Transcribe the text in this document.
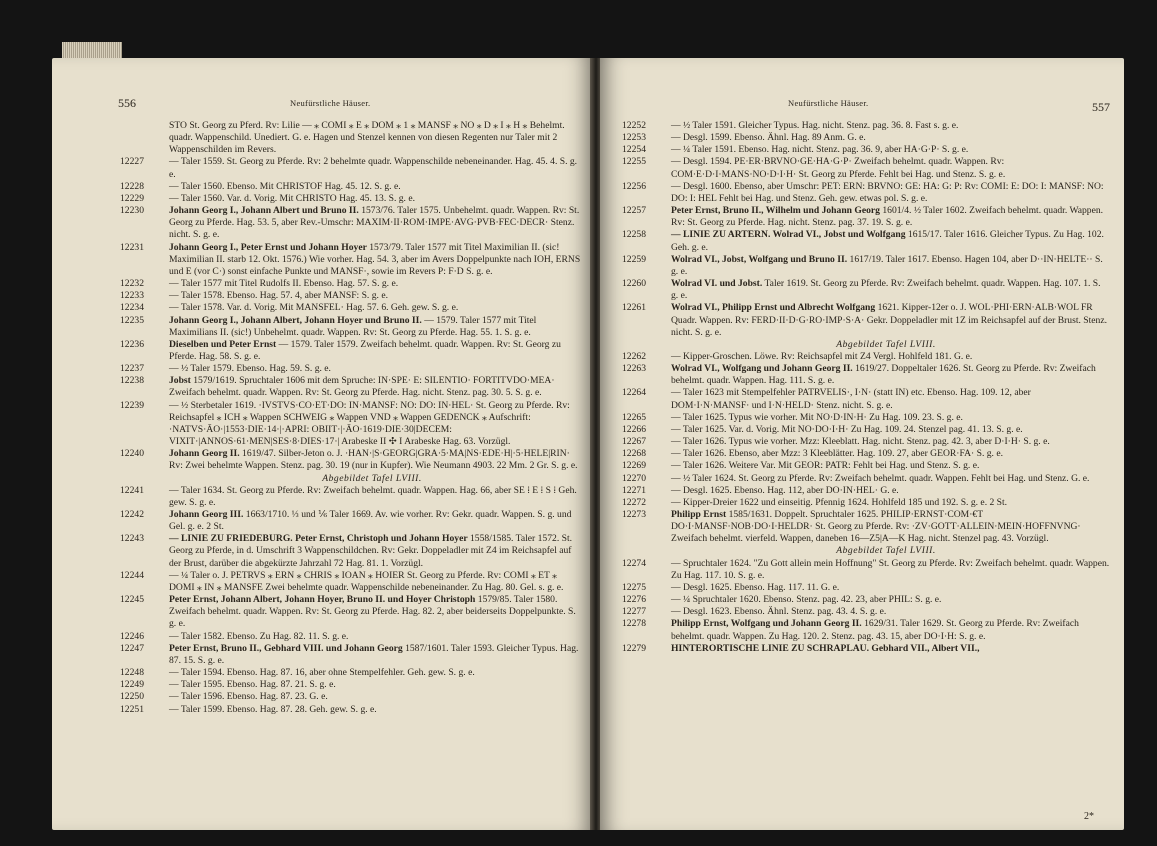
556	Neufürstliche Häuser.
STO St. Georg zu Pferd. Rv: Lilie — ⁎ COMI ⁎ E ⁎ DOM ⁎ 1 ⁎ MANSF ⁎ NO ⁎ D ⁎ I ⁎ H ⁎ Behelmt. quadr. Wappenschild. Unediert. G. e. Hagen und Stenzel kennen von diesen Regenten nur Taler mit 2 Wappenschilden im Revers.
12227	— Taler 1559. St. Georg zu Pferde. Rv: 2 behelmte quadr. Wappenschilde nebeneinander. Hag. 45. 4. S. g. e.
12228	— Taler 1560. Ebenso. Mit CHRISTOF Hag. 45. 12. S. g. e.
12229	— Taler 1560. Var. d. Vorig. Mit CHRISTO Hag. 45. 13. S. g. e.
12230	Johann Georg I., Johann Albert und Bruno II. 1573/76. Taler 1575. Unbehelmt. quadr. Wappen. Rv: St. Georg zu Pferde. Hag. 53. 5, aber Rev.-Umschr: MAXIM·II·ROM·IMPE·AVG·PVB·FEC·DECR· Stenz. nicht. S. g. e.
12231	Johann Georg I., Peter Ernst und Johann Hoyer 1573/79. Taler 1577 mit Titel Maximilian II. (sic! Maximilian II. starb 12. Okt. 1576.) Wie vorher. Hag. 54. 3, aber im Avers Doppelpunkte nach IOH, ERNS und E (vor C·) sonst einfache Punkte und MANSF·, sowie im Revers P: F·D S. g. e.
12232	— Taler 1577 mit Titel Rudolfs II. Ebenso. Hag. 57. S. g. e.
12233	— Taler 1578. Ebenso. Hag. 57. 4, aber MANSF: S. g. e.
12234	— Taler 1578. Var. d. Vorig. Mit MANSFEL· Hag. 57. 6. Geh. gew. S. g. e.
12235	Johann Georg I., Johann Albert, Johann Hoyer und Bruno II. — 1579. Taler 1577 mit Titel Maximilians II. (sic!) Unbehelmt. quadr. Wappen. Rv: St. Georg zu Pferde. Hag. 55. 1. S. g. e.
12236	Dieselben und Peter Ernst — 1579. Taler 1579. Zweifach behelmt. quadr. Wappen. Rv: St. Georg zu Pferde. Hag. 58. S. g. e.
12237	— ½ Taler 1579. Ebenso. Hag. 59. S. g. e.
12238	Jobst 1579/1619. Spruchtaler 1606 mit dem Spruche: IN·SPE· E: SILENTIO· FORTITVDO·MEA· Zweifach behelmt. quadr. Wappen. Rv: St. Georg zu Pferde. Hag. nicht. Stenz. pag. 30. 5. S. g. e.
12239	— ½ Sterbetaler 1619. ·IVSTVS·CO·ET·DO: IN·MANSF: NO: DO: IN·HEL· St. Georg zu Pferde. Rv: Reichsapfel ⁎ ICH ⁎ Wappen SCHWEIG ⁎ Wappen VND ⁎ Wappen GEDENCK ⁎ Aufschrift: ·NATVS·ĀO·|1553·DIE·14·|·APRI: OBIIT·|·ĀO·1619·DIE·30|DECEM: VIXIT·|ANNOS·61·MEN|SES·8·DIES·17·| Arabeske II ✣ I Arabeske Hag. 63. Vorzügl.
12240	Johann Georg II. 1619/47. Silber-Jeton o. J. ·HAN·|S·GEORG|GRA·5·MA|NS·EDE·H|·5·HELE|RIN· Rv: Zwei behelmte Wappen. Stenz. pag. 30. 19 (nur in Kupfer). Wie Neumann 4903. 22 Mm. 2 Gr. S. g. e.
Abgebildet Tafel LVIII.
12241	— Taler 1634. St. Georg zu Pferde. Rv: Zweifach behelmt. quadr. Wappen. Hag. 66, aber SE ⁞ E ⁞ S ⁞ Geh. gew. S. g. e.
12242	Johann Georg III. 1663/1710. ⅓ und ⅙ Taler 1669. Av. wie vorher. Rv: Gekr. quadr. Wappen. S. g. und Gel. g. e. 2 St.
12243	— LINIE ZU FRIEDEBURG. Peter Ernst, Christoph und Johann Hoyer 1558/1585. Taler 1572. St. Georg zu Pferde, in d. Umschrift 3 Wappenschildchen. Rv: Gekr. Doppeladler mit Z4 im Reichsapfel auf der Brust, darüber die abgekürzte Jahrzahl 72 Hag. 81. 1. Vorzügl.
12244	— ¼ Taler o. J. PETRVS ⁎ ERN ⁎ CHRIS ⁎ IOAN ⁎ HOIER St. Georg zu Pferde. Rv: COMI ⁎ ET ⁎ DOMI ⁎ IN ⁎ MANSFE Zwei behelmte quadr. Wappenschilde nebeneinander. Zu Hag. 80. Gel. s. g. e.
12245	Peter Ernst, Johann Albert, Johann Hoyer, Bruno II. und Hoyer Christoph 1579/85. Taler 1580. Zweifach behelmt. quadr. Wappen. Rv: St. Georg zu Pferde. Hag. 82. 2, aber beiderseits Doppelpunkte. S. g. e.
12246	— Taler 1582. Ebenso. Zu Hag. 82. 11. S. g. e.
12247	Peter Ernst, Bruno II., Gebhard VIII. und Johann Georg 1587/1601. Taler 1593. Gleicher Typus. Hag. 87. 15. S. g. e.
12248	— Taler 1594. Ebenso. Hag. 87. 16, aber ohne Stempelfehler. Geh. gew. S. g. e.
12249	— Taler 1595. Ebenso. Hag. 87. 21. S. g. e.
12250	— Taler 1596. Ebenso. Hag. 87. 23. G. e.
12251	— Taler 1599. Ebenso. Hag. 87. 28. Geh. gew. S. g. e.
Neufürstliche Häuser.	557
12252	— ½ Taler 1591. Gleicher Typus. Hag. nicht. Stenz. pag. 36. 8. Fast s. g. e.
12253	— Desgl. 1599. Ebenso. Ähnl. Hag. 89 Anm. G. e.
12254	— ¼ Taler 1591. Ebenso. Hag. nicht. Stenz. pag. 36. 9, aber HA·G·P· S. g. e.
12255	— Desgl. 1594. PE·ER·BRVNO·GE·HA·G·P· Zweifach behelmt. quadr. Wappen. Rv: COM·E·D·I·MANS·NO·D·I·H· St. Georg zu Pferde. Fehlt bei Hag. und Stenz. S. g. e.
12256	— Desgl. 1600. Ebenso, aber Umschr: PET: ERN: BRVNO: GE: HA: G: P: Rv: COMI: E: DO: I: MANSF: NO: DO: I: HEL Fehlt bei Hag. und Stenz. Geh. gew. etwas pol. S. g. e.
12257	Peter Ernst, Bruno II., Wilhelm und Johann Georg 1601/4. ½ Taler 1602. Zweifach behelmt. quadr. Wappen. Rv: St. Georg zu Pferde. Hag. nicht. Stenz. pag. 37. 19. S. g. e.
12258	— LINIE ZU ARTERN. Wolrad VI., Jobst und Wolfgang 1615/17. Taler 1616. Gleicher Typus. Zu Hag. 102. Geh. g. e.
12259	Wolrad VI., Jobst, Wolfgang und Bruno II. 1617/19. Taler 1617. Ebenso. Hagen 104, aber D··IN·HELTE·· S. g. e.
12260	Wolrad VI. und Jobst. Taler 1619. St. Georg zu Pferde. Rv: Zweifach behelmt. quadr. Wappen. Hag. 107. 1. S. g. e.
12261	Wolrad VI., Philipp Ernst und Albrecht Wolfgang 1621. Kipper-12er o. J. WOL·PHI·ERN·ALB·WOL FR Quadr. Wappen. Rv: FERD·II·D·G·RO·IMP·S·A· Gekr. Doppeladler mit 1Z im Reichsapfel auf der Brust. Stenz. nicht. S. g. e.
Abgebildet Tafel LVIII.
12262	— Kipper-Groschen. Löwe. Rv: Reichsapfel mit Z4 Vergl. Hohlfeld 181. G. e.
12263	Wolrad VI., Wolfgang und Johann Georg II. 1619/27. Doppeltaler 1626. St. Georg zu Pferde. Rv: Zweifach behelmt. quadr. Wappen. Hag. 111. S. g. e.
12264	— Taler 1623 mit Stempelfehler PATRVELIS·, I·N· (statt IN) etc. Ebenso. Hag. 109. 12, aber DOM·I·N·MANSF· und I·N·HELD· Stenz. nicht. S. g. e.
12265	— Taler 1625. Typus wie vorher. Mit NO·D·IN·H· Zu Hag. 109. 23. S. g. e.
12266	— Taler 1625. Var. d. Vorig. Mit NO·DO·I·H· Zu Hag. 109. 24. Stenzel pag. 41. 13. S. g. e.
12267	— Taler 1626. Typus wie vorher. Mzz: Kleeblatt. Hag. nicht. Stenz. pag. 42. 3, aber D·I·H· S. g. e.
12268	— Taler 1626. Ebenso, aber Mzz: 3 Kleeblätter. Hag. 109. 27, aber GEOR·FA· S. g. e.
12269	— Taler 1626. Weitere Var. Mit GEOR: PATR: Fehlt bei Hag. und Stenz. S. g. e.
12270	— ½ Taler 1624. St. Georg zu Pferde. Rv: Zweifach behelmt. quadr. Wappen. Fehlt bei Hag. und Stenz. G. e.
12271	— Desgl. 1625. Ebenso. Hag. 112, aber DO·IN·HEL· G. e.
12272	— Kipper-Dreier 1622 und einseitig. Pfennig 1624. Hohlfeld 185 und 192. S. g. e. 2 St.
12273	Philipp Ernst 1585/1631. Doppelt. Spruchtaler 1625. PHILIP·ERNST·COM·€T DO·I·MANSF·NOB·DO·I·HELDR· St. Georg zu Pferde. Rv: ·ZV·GOTT·ALLEIN·MEIN·HOFFNVNG· Zweifach behelmt. vierfeld. Wappen, daneben 16—Z5|A—K Hag. nicht. Stenzel pag. 43. Vorzügl.
Abgebildet Tafel LVIII.
12274	— Spruchtaler 1624. "Zu Gott allein mein Hoffnung" St. Georg zu Pferde. Rv: Zweifach behelmt. quadr. Wappen. Zu Hag. 117. 10. S. g. e.
12275	— Desgl. 1625. Ebenso. Hag. 117. 11. G. e.
12276	— ¼ Spruchtaler 1620. Ebenso. Stenz. pag. 42. 23, aber PHIL: S. g. e.
12277	— Desgl. 1623. Ebenso. Ähnl. Stenz. pag. 43. 4. S. g. e.
12278	Philipp Ernst, Wolfgang und Johann Georg II. 1629/31. Taler 1629. St. Georg zu Pferde. Rv: Zweifach behelmt. quadr. Wappen. Zu Hag. 120. 2. Stenz. pag. 43. 15, aber DO·I·H: S. g. e.
12279	HINTERORTISCHE LINIE ZU SCHRAPLAU. Gebhard VII., Albert VII.,
2*
